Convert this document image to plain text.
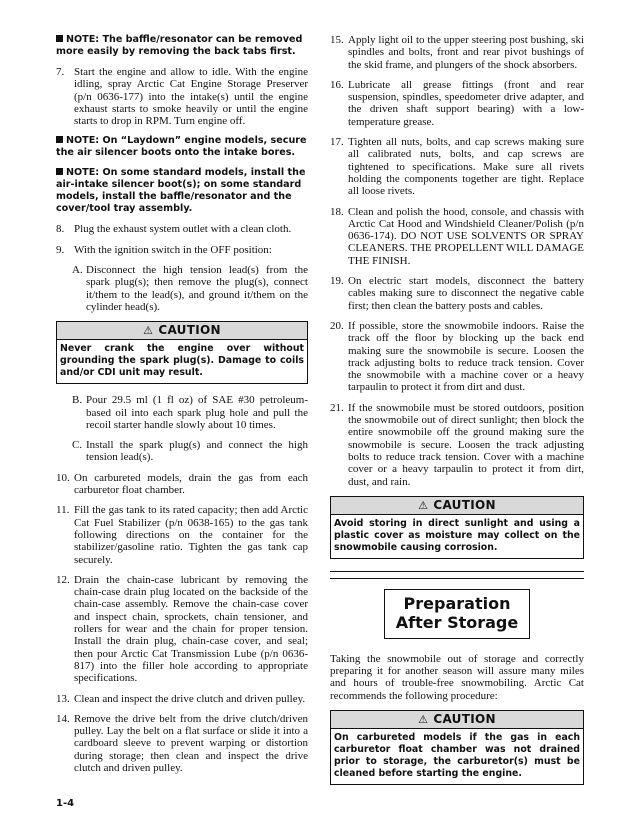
NOTE: The baffle/resonator can be removed more easily by removing the back tabs first.

7. Start the engine and allow to idle. With the engine idling, spray Arctic Cat Engine Storage Preserver (p/n 0636-177) into the intake(s) until the engine exhaust starts to smoke heavily or until the engine starts to drop in RPM. Turn engine off.

NOTE: On “Laydown” engine models, secure the air silencer boots onto the intake bores.

NOTE: On some standard models, install the air-intake silencer boot(s); on some standard models, install the baffle/resonator and the cover/tool tray assembly.

8. Plug the exhaust system outlet with a clean cloth.
9. With the ignition switch in the OFF position:
A. Disconnect the high tension lead(s) from the spark plug(s); then remove the plug(s), connect it/them to the lead(s), and ground it/them on the cylinder head(s).
⚠ CAUTION
Never crank the engine over without grounding the spark plug(s). Damage to coils and/or CDI unit may result.
B. Pour 29.5 ml (1 fl oz) of SAE #30 petroleum-based oil into each spark plug hole and pull the recoil starter handle slowly about 10 times.
C. Install the spark plug(s) and connect the high tension lead(s).
10. On carbureted models, drain the gas from each carburetor float chamber.
11. Fill the gas tank to its rated capacity; then add Arctic Cat Fuel Stabilizer (p/n 0638-165) to the gas tank following directions on the container for the stabilizer/gasoline ratio. Tighten the gas tank cap securely.
12. Drain the chain-case lubricant by removing the chain-case drain plug located on the backside of the chain-case assembly. Remove the chain-case cover and inspect chain, sprockets, chain tensioner, and rollers for wear and the chain for proper tension. Install the drain plug, chain-case cover, and seal; then pour Arctic Cat Transmission Lube (p/n 0636-817) into the filler hole according to appropriate specifications.
13. Clean and inspect the drive clutch and driven pulley.
14. Remove the drive belt from the drive clutch/driven pulley. Lay the belt on a flat surface or slide it into a cardboard sleeve to prevent warping or distortion during storage; then clean and inspect the drive clutch and driven pulley.
15. Apply light oil to the upper steering post bushing, ski spindles and bolts, front and rear pivot bushings of the skid frame, and plungers of the shock absorbers.
16. Lubricate all grease fittings (front and rear suspension, spindles, speedometer drive adapter, and the driven shaft support bearing) with a low-temperature grease.
17. Tighten all nuts, bolts, and cap screws making sure all calibrated nuts, bolts, and cap screws are tightened to specifications. Make sure all rivets holding the components together are tight. Replace all loose rivets.
18. Clean and polish the hood, console, and chassis with Arctic Cat Hood and Windshield Cleaner/Polish (p/n 0636-174). DO NOT USE SOLVENTS OR SPRAY CLEANERS. THE PROPELLENT WILL DAMAGE THE FINISH.
19. On electric start models, disconnect the battery cables making sure to disconnect the negative cable first; then clean the battery posts and cables.
20. If possible, store the snowmobile indoors. Raise the track off the floor by blocking up the back end making sure the snowmobile is secure. Loosen the track adjusting bolts to reduce track tension. Cover the snowmobile with a machine cover or a heavy tarpaulin to protect it from dirt and dust.
21. If the snowmobile must be stored outdoors, position the snowmobile out of direct sunlight; then block the entire snowmobile off the ground making sure the snowmobile is secure. Loosen the track adjusting bolts to reduce track tension. Cover with a machine cover or a heavy tarpaulin to protect it from dirt, dust, and rain.
⚠ CAUTION
Avoid storing in direct sunlight and using a plastic cover as moisture may collect on the snowmobile causing corrosion.
Preparation After Storage

Taking the snowmobile out of storage and correctly preparing it for another season will assure many miles and hours of trouble-free snowmobiling. Arctic Cat recommends the following procedure:

⚠ CAUTION
On carbureted models if the gas in each carburetor float chamber was not drained prior to storage, the carburetor(s) must be cleaned before starting the engine.
1-4
